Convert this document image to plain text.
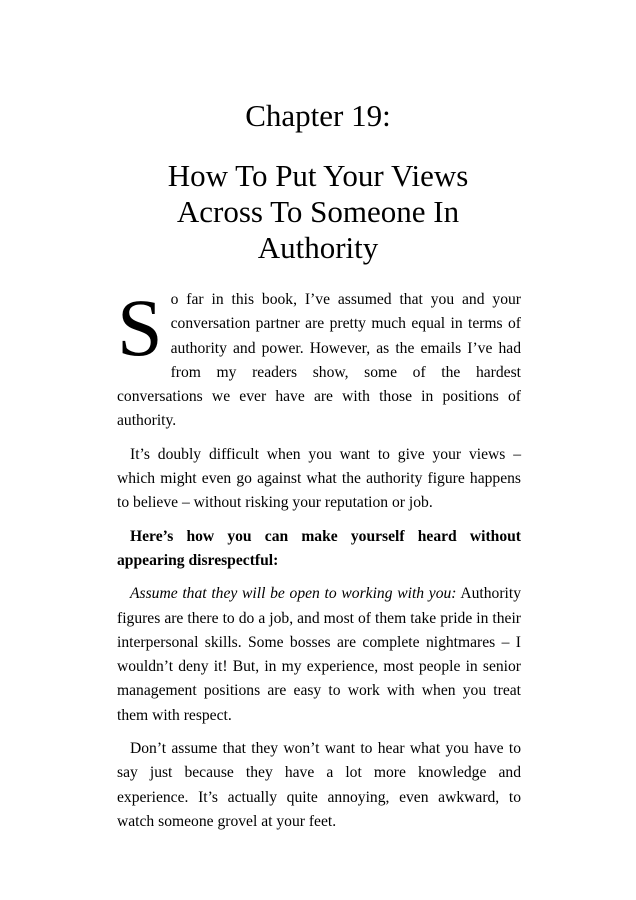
Chapter 19:
How To Put Your Views
Across To Someone In
Authority

So far in this book, I’ve assumed that you and your conversation partner are pretty much equal in terms of authority and power. However, as the emails I’ve had from my readers show, some of the hardest conversations we ever have are with those in positions of authority.

It’s doubly difficult when you want to give your views – which might even go against what the authority figure happens to believe – without risking your reputation or job.

Here’s how you can make yourself heard without appearing disrespectful:

Assume that they will be open to working with you: Authority figures are there to do a job, and most of them take pride in their interpersonal skills. Some bosses are complete nightmares – I wouldn’t deny it! But, in my experience, most people in senior management positions are easy to work with when you treat them with respect.

Don’t assume that they won’t want to hear what you have to say just because they have a lot more knowledge and experience. It’s actually quite annoying, even awkward, to watch someone grovel at your feet.
